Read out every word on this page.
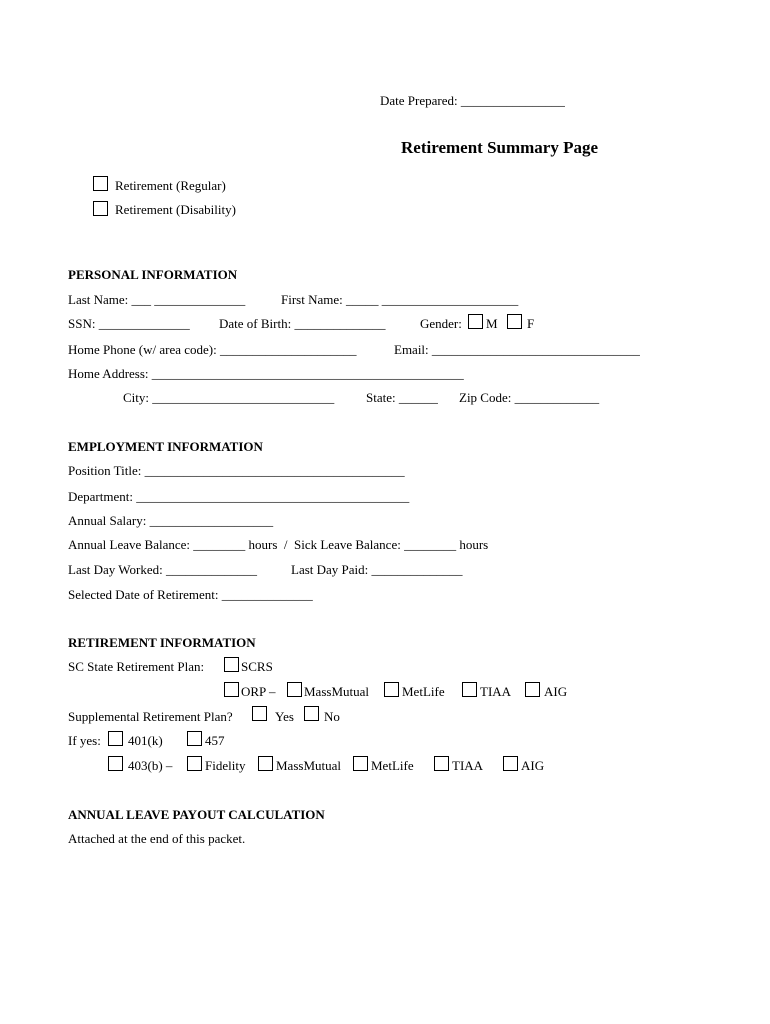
Date Prepared: ________________
Retirement Summary Page
Retirement (Regular)
Retirement (Disability)
PERSONAL INFORMATION
Last Name: ___ ______________	First Name: _____ _____________________
SSN: ______________ Date of Birth: ______________	Gender: M F
Home Phone (w/ area code): _____________________	Email: ________________________________
Home Address: ________________________________________________
City: ____________________________ State: ______ Zip Code: _____________
EMPLOYMENT INFORMATION
Position Title: ________________________________________
Department: __________________________________________
Annual Salary: ___________________
Annual Leave Balance: ________ hours  /  Sick Leave Balance: ________ hours
Last Day Worked: ______________	Last Day Paid: ______________
Selected Date of Retirement: ______________
RETIREMENT INFORMATION
SC State Retirement Plan:	SCRS
ORP – MassMutual	MetLife	TIAA	AIG
Supplemental Retirement Plan?	Yes No
If yes: 401(k)	457
403(b) –	Fidelity MassMutual MetLife	TIAA	AIG
ANNUAL LEAVE PAYOUT CALCULATION
Attached at the end of this packet.
